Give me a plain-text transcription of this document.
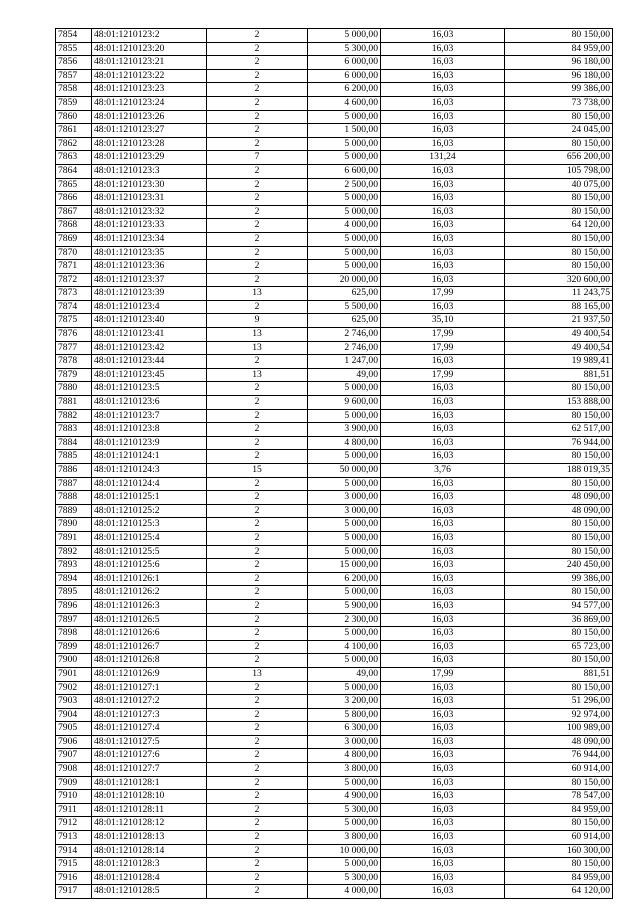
7854	48:01:1210123:2	2	5 000,00	16,03	80 150,00
7855	48:01:1210123:20	2	5 300,00	16,03	84 959,00
7856	48:01:1210123:21	2	6 000,00	16,03	96 180,00
7857	48:01:1210123:22	2	6 000,00	16,03	96 180,00
7858	48:01:1210123:23	2	6 200,00	16,03	99 386,00
7859	48:01:1210123:24	2	4 600,00	16,03	73 738,00
7860	48:01:1210123:26	2	5 000,00	16,03	80 150,00
7861	48:01:1210123:27	2	1 500,00	16,03	24 045,00
7862	48:01:1210123:28	2	5 000,00	16,03	80 150,00
7863	48:01:1210123:29	7	5 000,00	131,24	656 200,00
7864	48:01:1210123:3	2	6 600,00	16,03	105 798,00
7865	48:01:1210123:30	2	2 500,00	16,03	40 075,00
7866	48:01:1210123:31	2	5 000,00	16,03	80 150,00
7867	48:01:1210123:32	2	5 000,00	16,03	80 150,00
7868	48:01:1210123:33	2	4 000,00	16,03	64 120,00
7869	48:01:1210123:34	2	5 000,00	16,03	80 150,00
7870	48:01:1210123:35	2	5 000,00	16,03	80 150,00
7871	48:01:1210123:36	2	5 000,00	16,03	80 150,00
7872	48:01:1210123:37	2	20 000,00	16,03	320 600,00
7873	48:01:1210123:39	13	625,00	17,99	11 243,75
7874	48:01:1210123:4	2	5 500,00	16,03	88 165,00
7875	48:01:1210123:40	9	625,00	35,10	21 937,50
7876	48:01:1210123:41	13	2 746,00	17,99	49 400,54
7877	48:01:1210123:42	13	2 746,00	17,99	49 400,54
7878	48:01:1210123:44	2	1 247,00	16,03	19 989,41
7879	48:01:1210123:45	13	49,00	17,99	881,51
7880	48:01:1210123:5	2	5 000,00	16,03	80 150,00
7881	48:01:1210123:6	2	9 600,00	16,03	153 888,00
7882	48:01:1210123:7	2	5 000,00	16,03	80 150,00
7883	48:01:1210123:8	2	3 900,00	16,03	62 517,00
7884	48:01:1210123:9	2	4 800,00	16,03	76 944,00
7885	48:01:1210124:1	2	5 000,00	16,03	80 150,00
7886	48:01:1210124:3	15	50 000,00	3,76	188 019,35
7887	48:01:1210124:4	2	5 000,00	16,03	80 150,00
7888	48:01:1210125:1	2	3 000,00	16,03	48 090,00
7889	48:01:1210125:2	2	3 000,00	16,03	48 090,00
7890	48:01:1210125:3	2	5 000,00	16,03	80 150,00
7891	48:01:1210125:4	2	5 000,00	16,03	80 150,00
7892	48:01:1210125:5	2	5 000,00	16,03	80 150,00
7893	48:01:1210125:6	2	15 000,00	16,03	240 450,00
7894	48:01:1210126:1	2	6 200,00	16,03	99 386,00
7895	48:01:1210126:2	2	5 000,00	16,03	80 150,00
7896	48:01:1210126:3	2	5 900,00	16,03	94 577,00
7897	48:01:1210126:5	2	2 300,00	16,03	36 869,00
7898	48:01:1210126:6	2	5 000,00	16,03	80 150,00
7899	48:01:1210126:7	2	4 100,00	16,03	65 723,00
7900	48:01:1210126:8	2	5 000,00	16,03	80 150,00
7901	48:01:1210126:9	13	49,00	17,99	881,51
7902	48:01:1210127:1	2	5 000,00	16,03	80 150,00
7903	48:01:1210127:2	2	3 200,00	16,03	51 296,00
7904	48:01:1210127:3	2	5 800,00	16,03	92 974,00
7905	48:01:1210127:4	2	6 300,00	16,03	100 989,00
7906	48:01:1210127:5	2	3 000,00	16,03	48 090,00
7907	48:01:1210127:6	2	4 800,00	16,03	76 944,00
7908	48:01:1210127:7	2	3 800,00	16,03	60 914,00
7909	48:01:1210128:1	2	5 000,00	16,03	80 150,00
7910	48:01:1210128:10	2	4 900,00	16,03	78 547,00
7911	48:01:1210128:11	2	5 300,00	16,03	84 959,00
7912	48:01:1210128:12	2	5 000,00	16,03	80 150,00
7913	48:01:1210128:13	2	3 800,00	16,03	60 914,00
7914	48:01:1210128:14	2	10 000,00	16,03	160 300,00
7915	48:01:1210128:3	2	5 000,00	16,03	80 150,00
7916	48:01:1210128:4	2	5 300,00	16,03	84 959,00
7917	48:01:1210128:5	2	4 000,00	16,03	64 120,00
